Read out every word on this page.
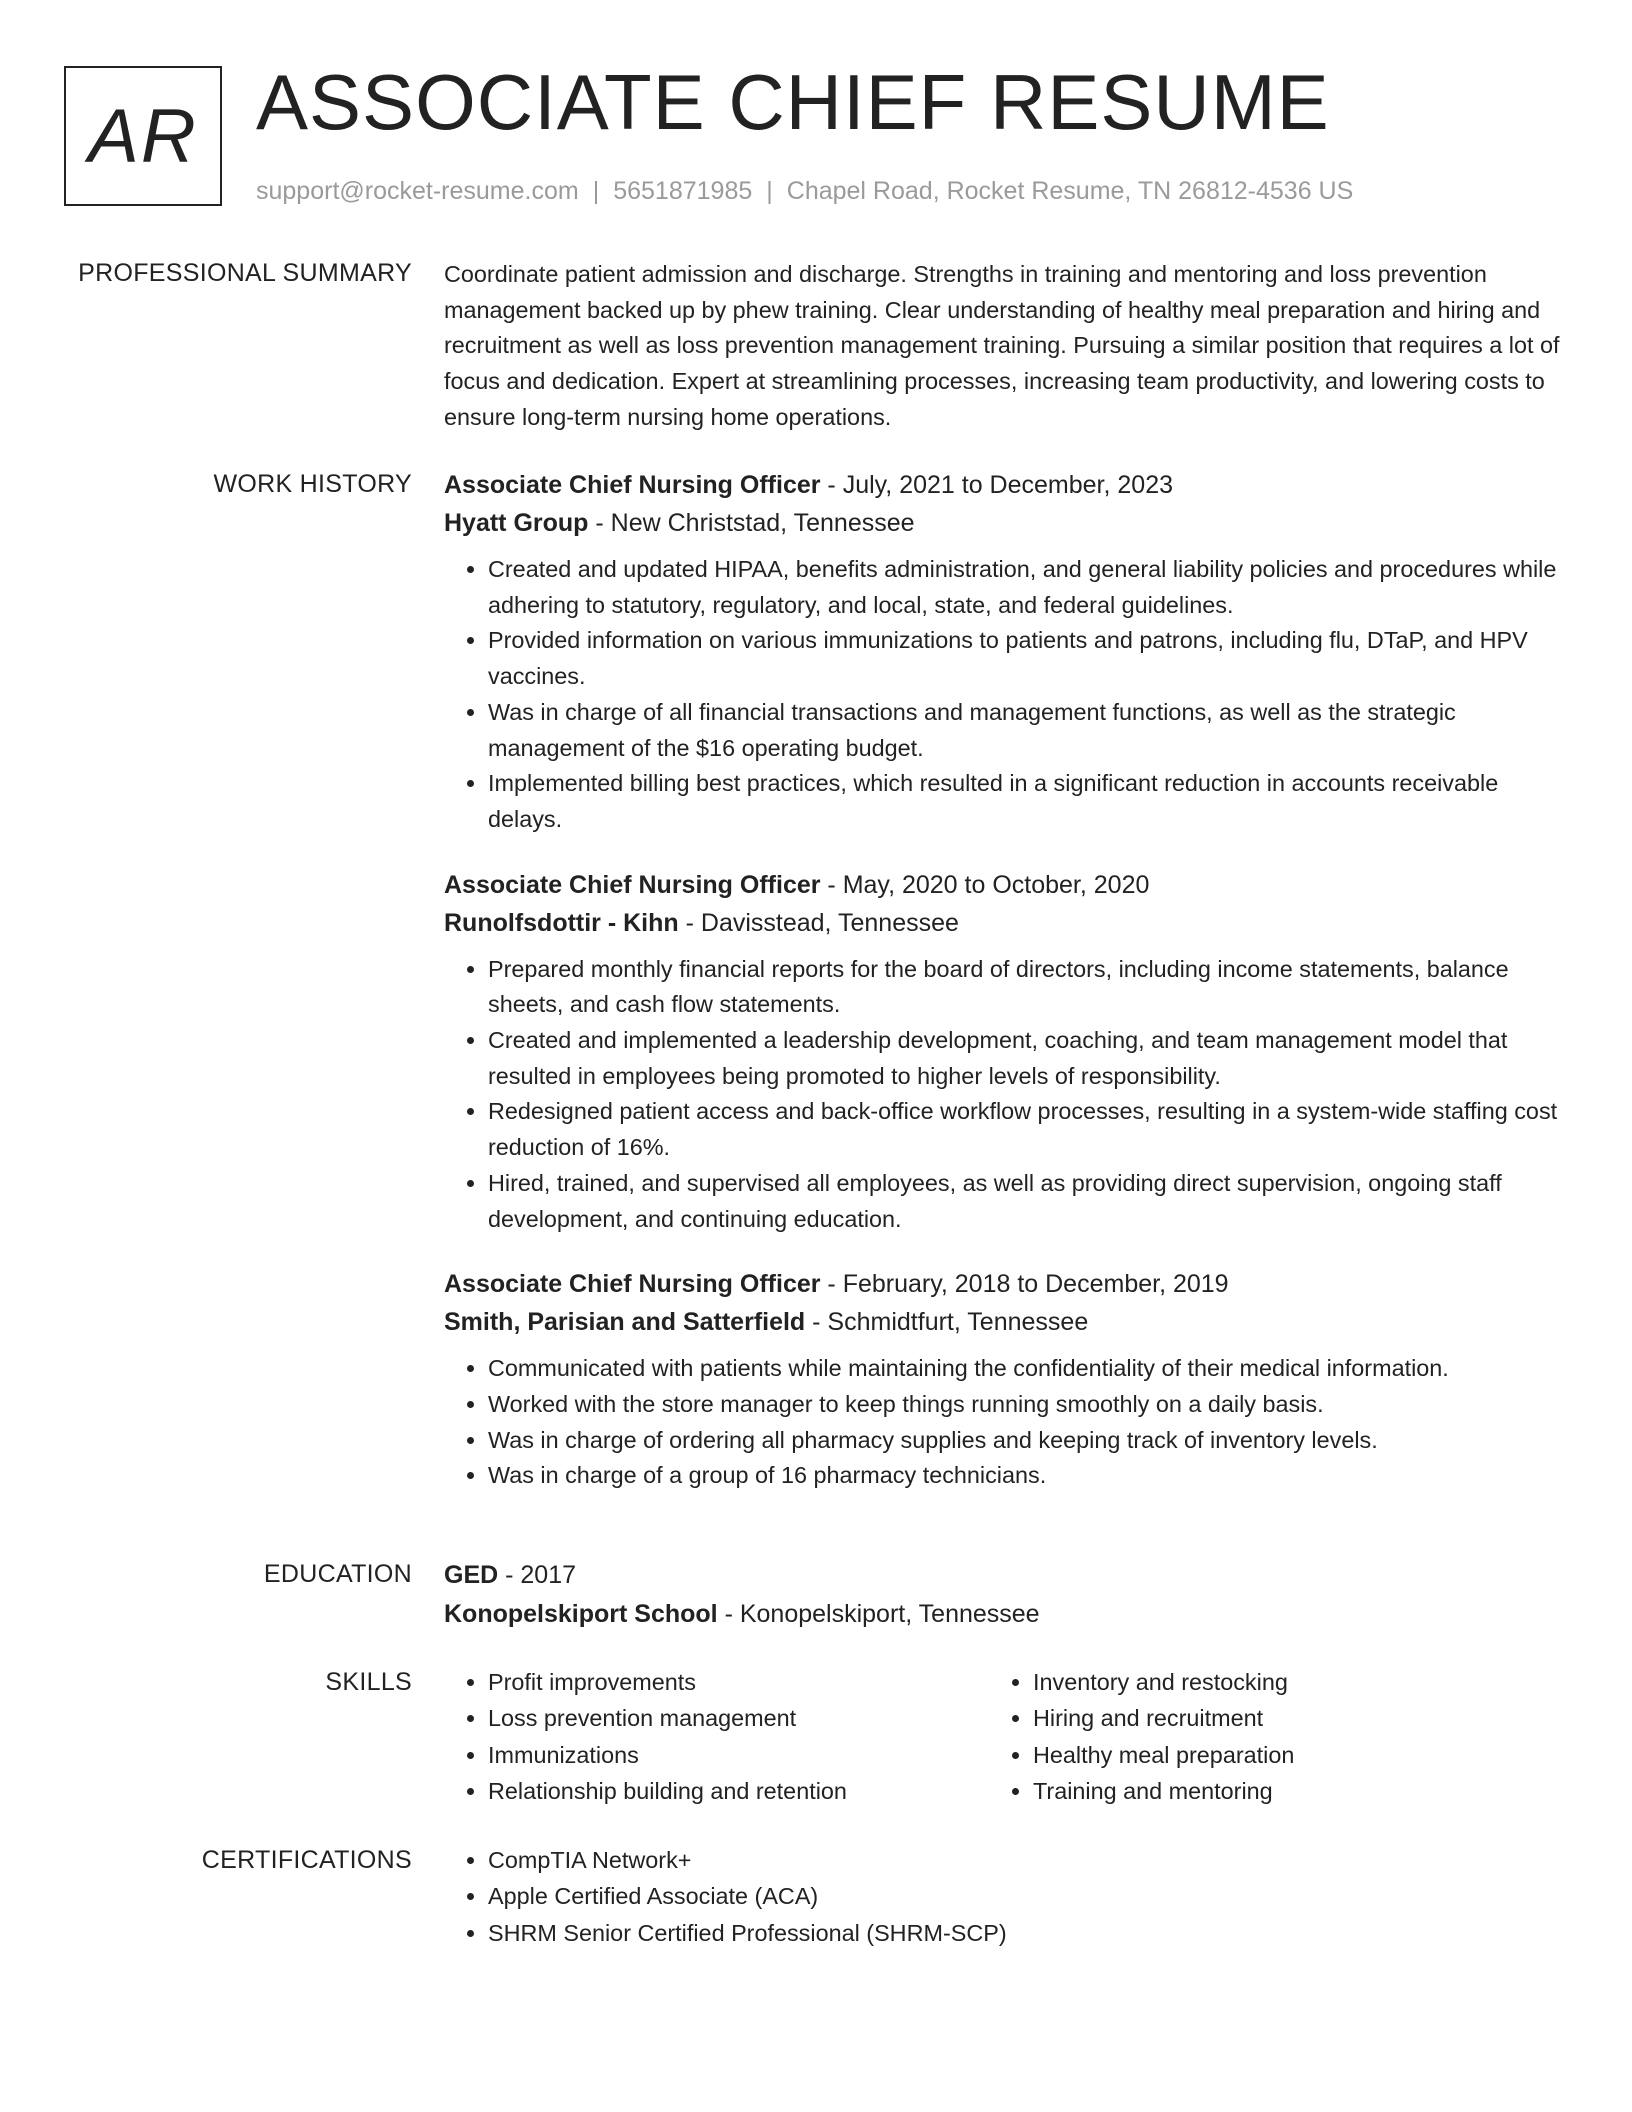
AR ASSOCIATE CHIEF RESUME
support@rocket-resume.com | 5651871985 | Chapel Road, Rocket Resume, TN 26812-4536 US
PROFESSIONAL SUMMARY Coordinate patient admission and discharge. Strengths in training and mentoring and loss prevention management backed up by phew training. Clear understanding of healthy meal preparation and hiring and recruitment as well as loss prevention management training. Pursuing a similar position that requires a lot of focus and dedication. Expert at streamlining processes, increasing team productivity, and lowering costs to ensure long-term nursing home operations.

WORK HISTORY Associate Chief Nursing Officer - July, 2021 to December, 2023
Hyatt Group - New Christstad, Tennessee
• Created and updated HIPAA, benefits administration, and general liability policies and procedures while adhering to statutory, regulatory, and local, state, and federal guidelines.
• Provided information on various immunizations to patients and patrons, including flu, DTaP, and HPV vaccines.
• Was in charge of all financial transactions and management functions, as well as the strategic management of the $16 operating budget.
• Implemented billing best practices, which resulted in a significant reduction in accounts receivable delays.
Associate Chief Nursing Officer - May, 2020 to October, 2020
Runolfsdottir - Kihn - Davisstead, Tennessee
• Prepared monthly financial reports for the board of directors, including income statements, balance sheets, and cash flow statements.
• Created and implemented a leadership development, coaching, and team management model that resulted in employees being promoted to higher levels of responsibility.
• Redesigned patient access and back-office workflow processes, resulting in a system-wide staffing cost reduction of 16%.
• Hired, trained, and supervised all employees, as well as providing direct supervision, ongoing staff development, and continuing education.
Associate Chief Nursing Officer - February, 2018 to December, 2019
Smith, Parisian and Satterfield - Schmidtfurt, Tennessee
• Communicated with patients while maintaining the confidentiality of their medical information.
• Worked with the store manager to keep things running smoothly on a daily basis.
• Was in charge of ordering all pharmacy supplies and keeping track of inventory levels.
• Was in charge of a group of 16 pharmacy technicians.
EDUCATION GED - 2017
Konopelskiport School - Konopelskiport, Tennessee
SKILLS	• Profit improvements
• Loss prevention management
• Immunizations
• Relationship building and retention
• Inventory and restocking
• Hiring and recruitment
• Healthy meal preparation
• Training and mentoring
CERTIFICATIONS	• CompTIA Network+
• Apple Certified Associate (ACA)
• SHRM Senior Certified Professional (SHRM-SCP)
